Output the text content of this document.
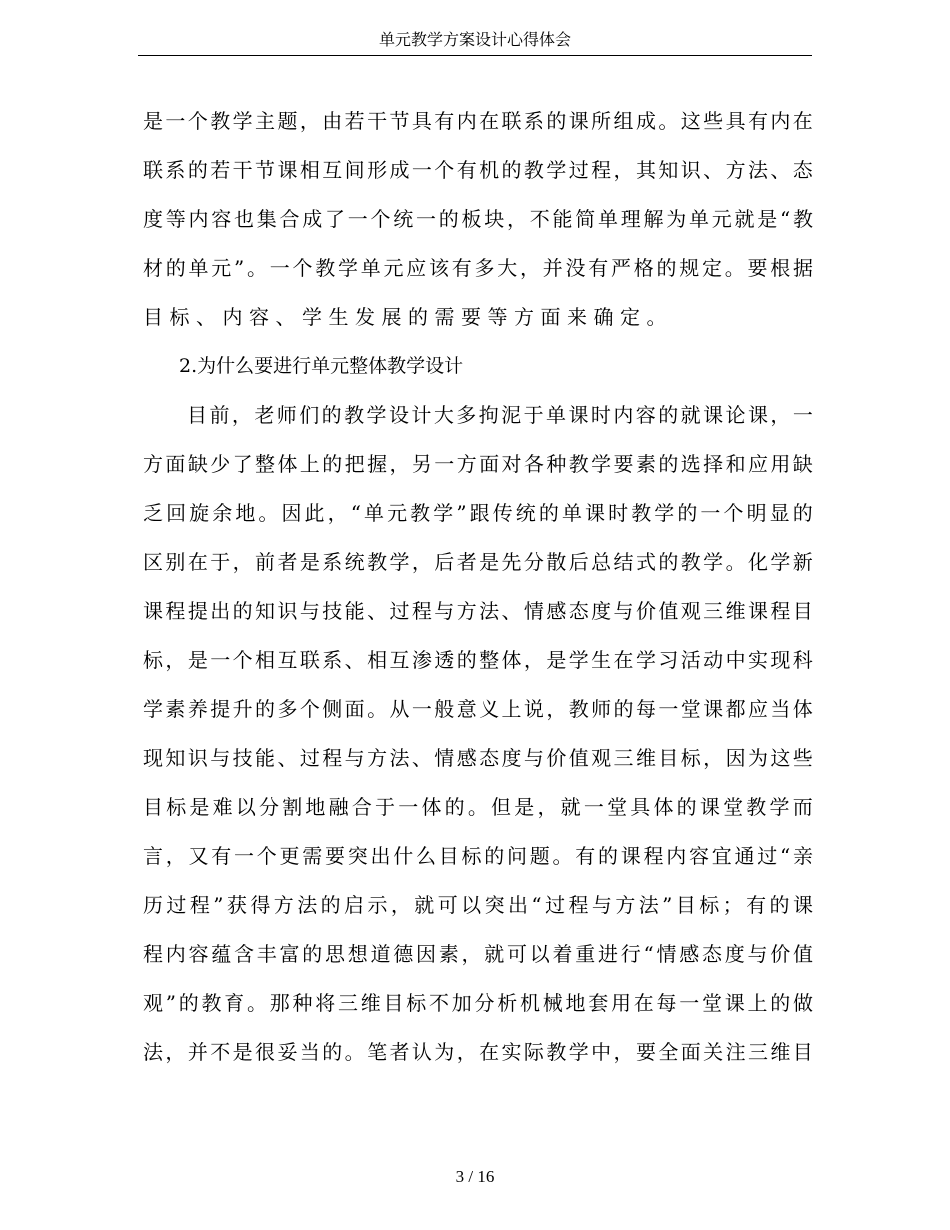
单元教学方案设计心得体会
是 一 个 教 学 主 题 ， 由 若 干 节 具 有 内 在 联 系 的 课 所 组 成 。 这 些 具 有 内 在
联 系 的 若 干 节 课 相 互 间 形 成 一 个 有 机 的 教 学 过 程 ， 其 知 识 、 方 法 、 态
度 等 内 容 也 集 合 成 了 一 个 统 一 的 板 块 ， 不 能 简 单 理 解 为 单 元 就 是 “ 教
材 的 单 元 ” 。 一 个 教 学 单 元 应 该 有 多 大 ， 并 没 有 严 格 的 规 定 。 要 根 据
目标、内容、学生发展的需要等方面来确定。
2.为什么要进行单元整体教学设计
目 前 ， 老 师 们 的 教 学 设 计 大 多 拘 泥 于 单 课 时 内 容 的 就 课 论 课 ， 一
方 面 缺 少 了 整 体 上 的 把 握 ， 另 一 方 面 对 各 种 教 学 要 素 的 选 择 和 应 用 缺
乏 回 旋 余 地 。 因 此 ， “ 单 元 教 学 ” 跟 传 统 的 单 课 时 教 学 的 一 个 明 显 的
区 别 在 于 ， 前 者 是 系 统 教 学 ， 后 者 是 先 分 散 后 总 结 式 的 教 学 。 化 学 新
课 程 提 出 的 知 识 与 技 能 、 过 程 与 方 法 、 情 感 态 度 与 价 值 观 三 维 课 程 目
标 ， 是 一 个 相 互 联 系 、 相 互 渗 透 的 整 体 ， 是 学 生 在 学 习 活 动 中 实 现 科
学 素 养 提 升 的 多 个 侧 面 。 从 一 般 意 义 上 说 ， 教 师 的 每 一 堂 课 都 应 当 体
现 知 识 与 技 能 、 过 程 与 方 法 、 情 感 态 度 与 价 值 观 三 维 目 标 ， 因 为 这 些
目 标 是 难 以 分 割 地 融 合 于 一 体 的 。 但 是 ， 就 一 堂 具 体 的 课 堂 教 学 而
言 ， 又 有 一 个 更 需 要 突 出 什 么 目 标 的 问 题 。 有 的 课 程 内 容 宜 通 过 “ 亲
历 过 程 ” 获 得 方 法 的 启 示 ， 就 可 以 突 出 “ 过 程 与 方 法 ” 目 标 ； 有 的 课
程 内 容 蕴 含 丰 富 的 思 想 道 德 因 素 ， 就 可 以 着 重 进 行 “ 情 感 态 度 与 价 值
观 ” 的 教 育 。 那 种 将 三 维 目 标 不 加 分 析 机 械 地 套 用 在 每 一 堂 课 上 的 做
法 ， 并 不 是 很 妥 当 的 。 笔 者 认 为 ， 在 实 际 教 学 中 ， 要 全 面 关 注 三 维 目
3 / 16
